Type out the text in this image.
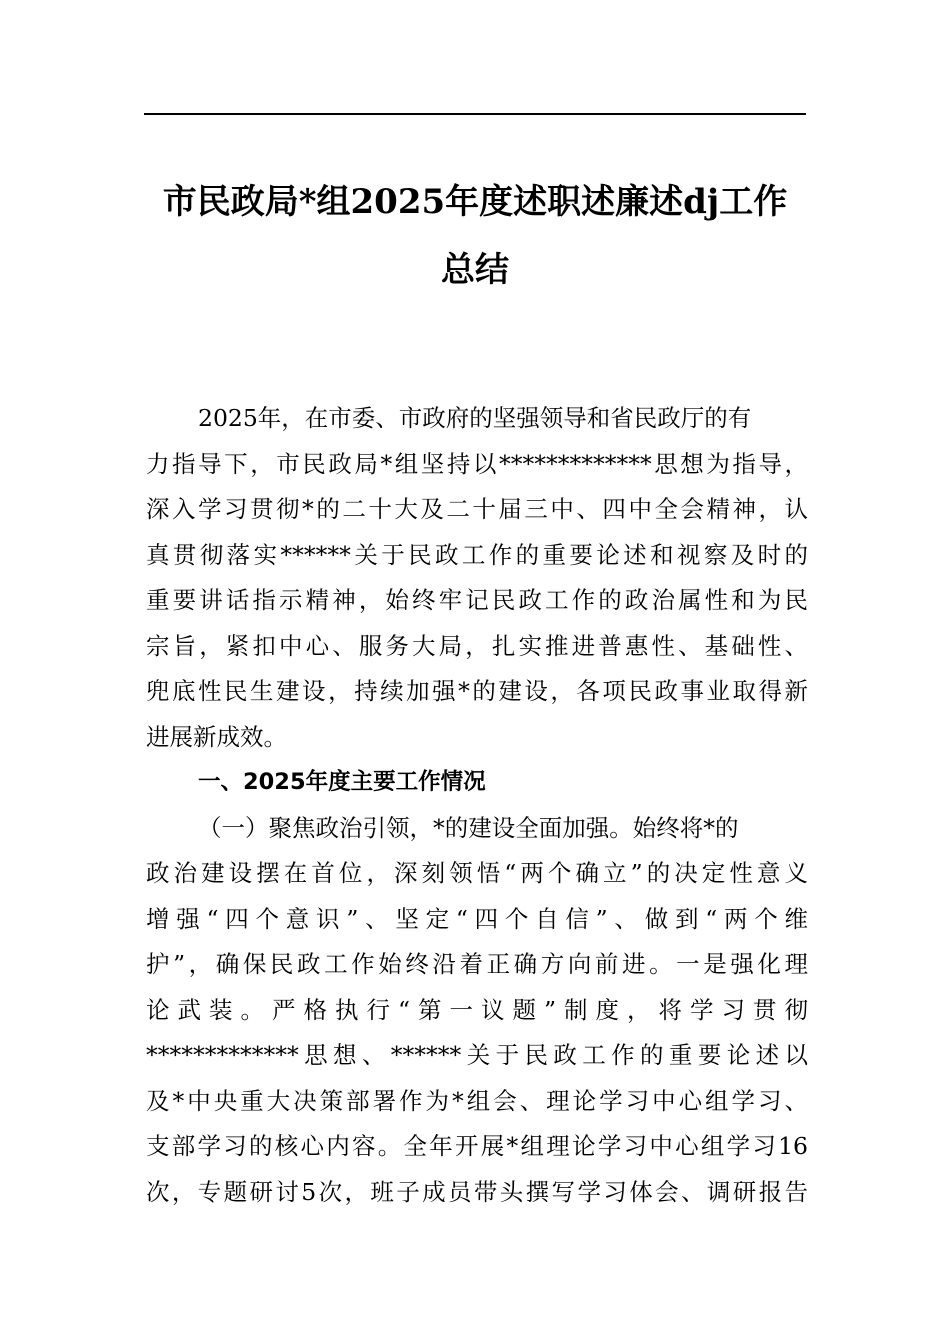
市民政局*组2025年度述职述廉述dj工作
总结
2025年，在市委、市政府的坚强领导和省民政厅的有
力指导下，市民政局*组坚持以*************思想为指导，
深入学习贯彻*的二十大及二十届三中、四中全会精神，认
真贯彻落实******关于民政工作的重要论述和视察及时的
重要讲话指示精神，始终牢记民政工作的政治属性和为民
宗旨，紧扣中心、服务大局，扎实推进普惠性、基础性、
兜底性民生建设，持续加强*的建设，各项民政事业取得新
进展新成效。
一、2025年度主要工作情况
（一）聚焦政治引领，*的建设全面加强。始终将*的
政治建设摆在首位，深刻领悟“两个确立”的决定性意义
增强“四个意识”、坚定“四个自信”、做到“两个维
护”，确保民政工作始终沿着正确方向前进。一是强化理
论武装。严格执行“第一议题”制度，将学习贯彻
*************思想、******关于民政工作的重要论述以
及*中央重大决策部署作为*组会、理论学习中心组学习、
支部学习的核心内容。全年开展*组理论学习中心组学习16
次，专题研讨5次，班子成员带头撰写学习体会、调研报告
